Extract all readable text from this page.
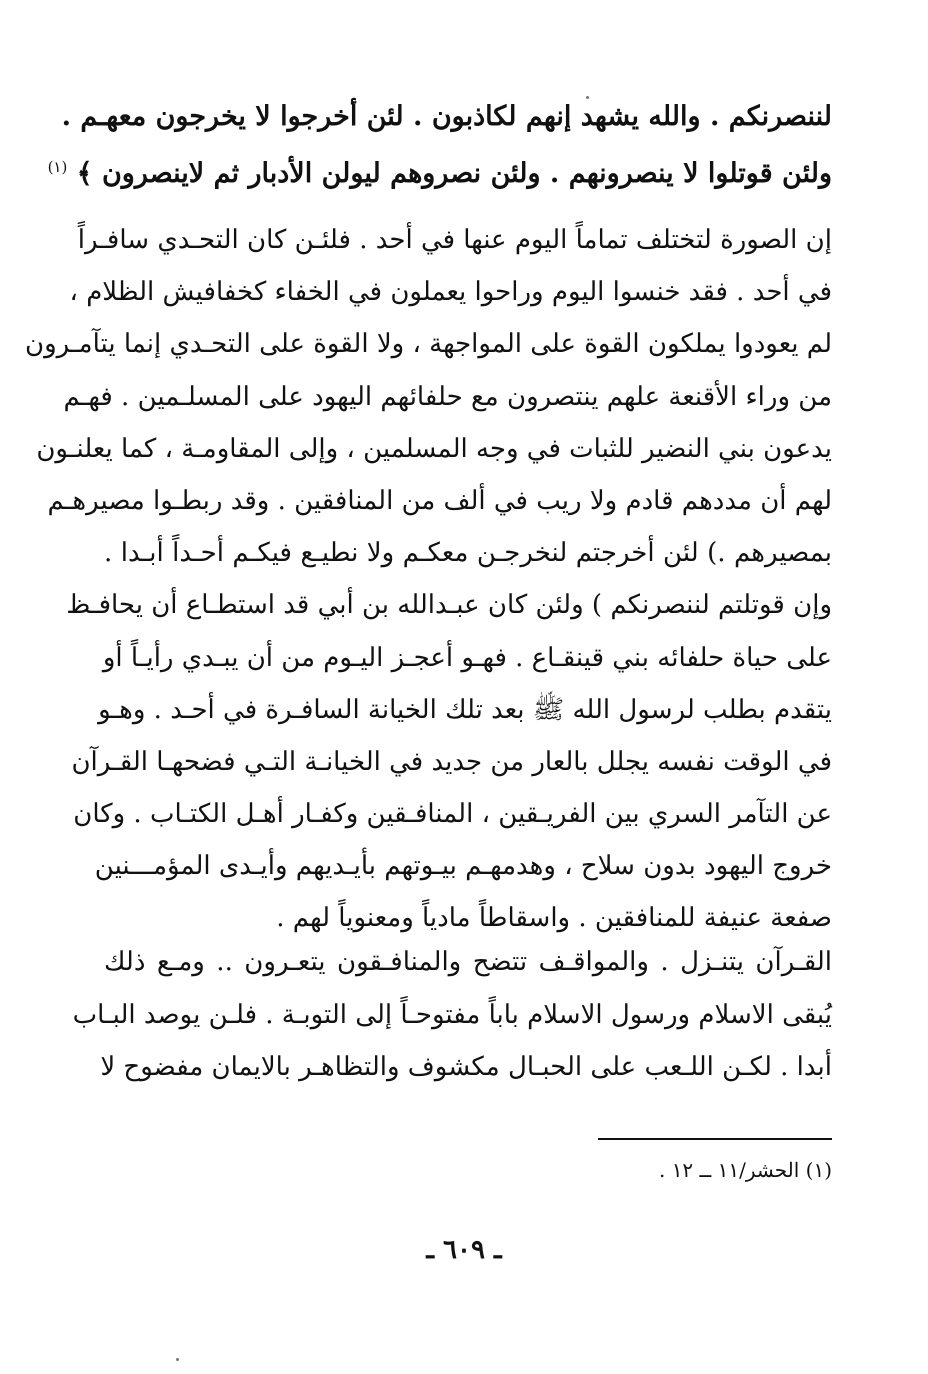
لننصرنكم . والله يشهد إنهم لكاذبون . لئن أخرجوا لا يخرجون معهـم .
ولئن قوتلوا لا ينصرونهم . ولئن نصروهم ليولن الأدبار ثم لاينصرون ﴾ $^{(١)}$
إن الصورة لتختلف تماماً اليوم عنها في أحد . فلئـن كان التحـدي سافـراً
في أحد . فقد خنسوا اليوم وراحوا يعملون في الخفاء كخفافيش الظلام ،
لم يعودوا يملكون القوة على المواجهة ، ولا القوة على التحـدي إنما يتآمـرون
من وراء الأقنعة علهم ينتصرون مع حلفائهم اليهود على المسلـمين . فهـم
يدعون بني النضير للثبات في وجه المسلمين ، وإلى المقاومـة ، كما يعلنـون
لهم أن مددهم قادم ولا ريب في ألف من المنافقين . وقد ربطـوا مصيرهـم
بمصيرهم .) لئن أخرجتم لنخرجـن معكـم ولا نطيـع فيكـم أحـداً أبـدا .
وإن قوتلتم لننصرنكم ) ولئن كان عبـدالله بن أبي قد استطـاع أن يحافـظ
على حياة حلفائه بني قينقـاع . فهـو أعجـز اليـوم من أن يبـدي رأيـاً أو
يتقدم بطلب لرسول الله ﷺ بعد تلك الخيانة السافـرة في أحـد . وهـو
في الوقت نفسه يجلل بالعار من جديد في الخيانـة التـي فضحهـا القـرآن
عن التآمر السري بين الفريـقين ، المنافـقين وكفـار أهـل الكتـاب . وكان
خروج اليهود بدون سلاح ، وهدمهـم بيـوتهم بأيـديهم وأيـدى المؤمـــنين
صفعة عنيفة للمنافقين . واسقاطاً مادياً ومعنوياً لهم .
القـرآن يتنـزل . والمواقـف تتضح والمنافـقون يتعـرون .. ومـع ذلك
يُبقى الاسلام ورسول الاسلام باباً مفتوحـاً إلى التوبـة . فلـن يوصد البـاب
أبدا . لكـن اللـعب على الحبـال مكشوف والتظاهـر بالايمان مفضوح لا
(١) الحشر/١١ ــ ١٢ .
ـ ٦٠٩ ـ
